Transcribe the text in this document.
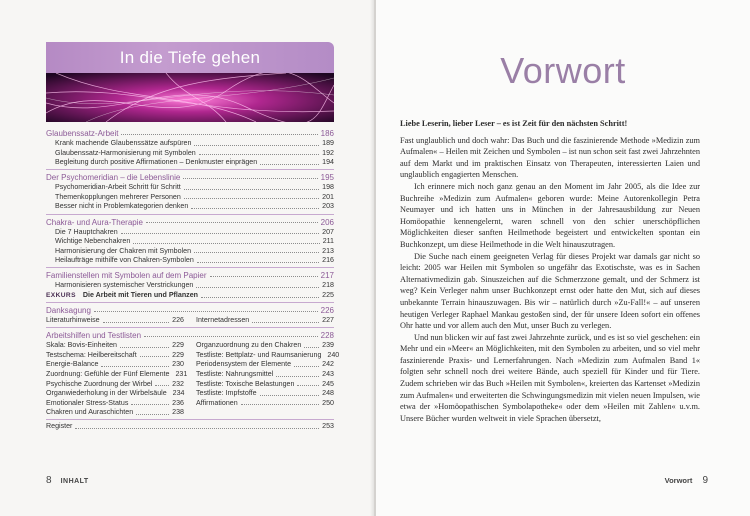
In die Tiefe gehen
Glaubenssatz-Arbeit	186
Krank machende Glaubenssätze aufspüren	189
Glaubenssatz-Harmonisierung mit Symbolen	192
Begleitung durch positive Affirmationen – Denkmuster einprägen	194
Der Psychomeridian – die Lebenslinie	195
Psychomeridian-Arbeit Schritt für Schritt	198
Themenkopplungen mehrerer Personen	201
Besser nicht in Problemkategorien denken	203
Chakra- und Aura-Therapie	206
Die 7 Hauptchakren	207
Wichtige Nebenchakren	211
Harmonisierung der Chakren mit Symbolen	213
Heilaufträge mithilfe von Chakren-Symbolen	216
Familienstellen mit Symbolen auf dem Papier	217
Harmonisieren systemischer Verstrickungen	218
EXKURS Die Arbeit mit Tieren und Pflanzen	225
Danksagung	226
Literaturhinweise	226 Internetadressen	227
Arbeitshilfen und Testlisten	228
Skala: Bovis-Einheiten	229
Testschema: Heilbereitschaft	229
Energie-Balance	230
Zuordnung: Gefühle der Fünf Elemente 231
Psychische Zuordnung der Wirbel	232
Organwiederholung in der Wirbelsäule 234
Emotionaler Stress-Status	236
Chakren und Auraschichten	238
Organzuordnung zu den Chakren	239
Testliste: Bettplatz- und Raumsanierung 240
Periodensystem der Elemente	242
Testliste: Nahrungsmittel	243
Testliste: Toxische Belastungen	245
Testliste: Impfstoffe	248
Affirmationen	250
Register	253
8 INHALT
Vorwort
Liebe Leserin, lieber Leser – es ist Zeit für den nächsten Schritt!

Fast unglaublich und doch wahr: Das Buch und die faszinierende Methode »Medizin zum Aufmalen« – Heilen mit Zeichen und Symbolen – ist nun schon seit fast zwei Jahrzehnten auf dem Markt und im praktischen Einsatz von Therapeuten, interessierten Laien und unglaublich engagierten Menschen.

Ich erinnere mich noch ganz genau an den Moment im Jahr 2005, als die Idee zur Buchreihe »Medizin zum Aufmalen« geboren wurde: Meine Autorenkollegin Petra Neumayer und ich hatten uns in München in der Jahresausbildung zur Neuen Homöopathie kennengelernt, waren schnell von den schier unerschöpflichen Möglichkeiten dieser sanften Heilmethode begeistert und entwickelten spontan ein Buchkonzept, um diese Heilmethode in die Welt hinauszutragen.

Die Suche nach einem geeigneten Verlag für dieses Projekt war damals gar nicht so leicht: 2005 war Heilen mit Symbolen so ungefähr das Exotischste, was es in Sachen Alternativmedizin gab. Sinuszeichen auf die Schmerzzone gemalt, und der Schmerz ist weg? Kein Verleger nahm unser Buchkonzept ernst oder hatte den Mut, sich auf dieses unbekannte Terrain hinauszuwagen. Bis wir – natürlich durch »Zu-Fall!« – auf unseren heutigen Verleger Raphael Mankau gestoßen sind, der für unsere Ideen sofort ein offenes Ohr hatte und vor allem auch den Mut, unser Buch zu verlegen.

Und nun blicken wir auf fast zwei Jahrzehnte zurück, und es ist so viel geschehen: ein Mehr und ein »Meer« an Möglichkeiten, mit den Symbolen zu arbeiten, und so viel mehr faszinierende Praxis- und Lernerfahrungen. Nach »Medizin zum Aufmalen Band 1« folgten sehr schnell noch drei weitere Bände, auch speziell für Kinder und für Tiere. Zudem schrieben wir das Buch »Heilen mit Symbolen«, kreierten das Kartenset »Medizin zum Aufmalen« und erweiterten die Schwingungsmedizin mit vielen neuen Impulsen, wie etwa der »Homöopathischen Symbolapotheke« oder dem »Heilen mit Zahlen« u.v.m. Unsere Bücher wurden weltweit in viele Sprachen übersetzt,

Vorwort 9
